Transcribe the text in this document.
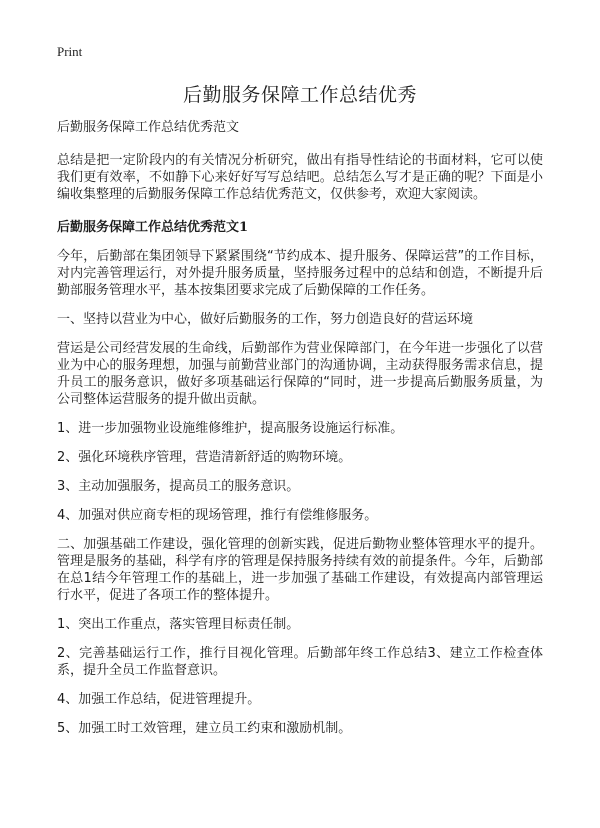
Print
后勤服务保障工作总结优秀

后勤服务保障工作总结优秀范文

总结是把一定阶段内的有关情况分析研究，做出有指导性结论的书面材料，它可以使我们更有效率，不如静下心来好好写写总结吧。总结怎么写才是正确的呢？下面是小编收集整理的后勤服务保障工作总结优秀范文，仅供参考，欢迎大家阅读。

后勤服务保障工作总结优秀范文1

今年，后勤部在集团领导下紧紧围绕“节约成本、提升服务、保障运营”的工作目标，对内完善管理运行，对外提升服务质量，坚持服务过程中的总结和创造，不断提升后勤部服务管理水平，基本按集团要求完成了后勤保障的工作任务。

一、坚持以营业为中心，做好后勤服务的工作，努力创造良好的营运环境

营运是公司经营发展的生命线，后勤部作为营业保障部门，在今年进一步强化了以营业为中心的服务理想，加强与前勤营业部门的沟通协调，主动获得服务需求信息，提升员工的服务意识，做好多项基础运行保障的“同时，进一步提高后勤服务质量，为公司整体运营服务的提升做出贡献。

1、进一步加强物业设施维修维护，提高服务设施运行标准。

2、强化环境秩序管理，营造清新舒适的购物环境。

3、主动加强服务，提高员工的服务意识。

4、加强对供应商专柜的现场管理，推行有偿维修服务。

二、加强基础工作建设，强化管理的创新实践，促进后勤物业整体管理水平的提升。管理是服务的基础，科学有序的管理是保持服务持续有效的前提条件。今年，后勤部在总1结今年管理工作的基础上，进一步加强了基础工作建设，有效提高内部管理运行水平，促进了各项工作的整体提升。

1、突出工作重点，落实管理目标责任制。

2、完善基础运行工作，推行目视化管理。后勤部年终工作总结3、建立工作检查体系，提升全员工作监督意识。

4、加强工作总结，促进管理提升。

5、加强工时工效管理，建立员工约束和激励机制。
